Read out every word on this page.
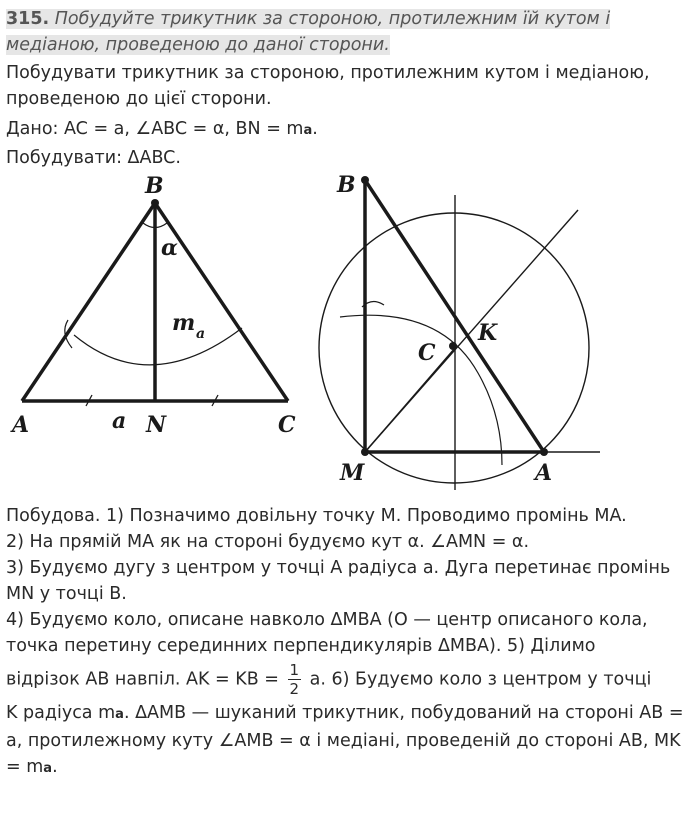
315. Побудуйте трикутник за стороною, протилежним їй кутом і медіаною, проведеною до даної сторони.
Побудувати трикутник за стороною, протилежним кутом і медіаною, проведеною до цієї сторони.
Дано: AC = a, ∠ABC = α, BN = ma.
Побудувати: ΔABC.
B
A	C
N
a
α
m a
B
K
C
M	A
Побудова. 1) Позначимо довільну точку M. Проводимо промінь MA.
2) На прямій MA як на стороні будуємо кут α. ∠AMN = α.
3) Будуємо дугу з центром у точці A радіуса a. Дуга перетинає промінь MN у точці B.
4) Будуємо коло, описане навколо ΔMBA (O — центр описаного кола, точка перетину серединних перпендикулярів ΔMBA). 5) Ділимо
відрізок AB навпіл. AK = KB = $\frac{1}{2} a$. 6) Будуємо коло з центром у точці
K радіуса ma. ΔAMB — шуканий трикутник, побудований на стороні AB = a, протилежному куту ∠AMB = α і медіані, проведеній до стороні AB, MK = ma.
